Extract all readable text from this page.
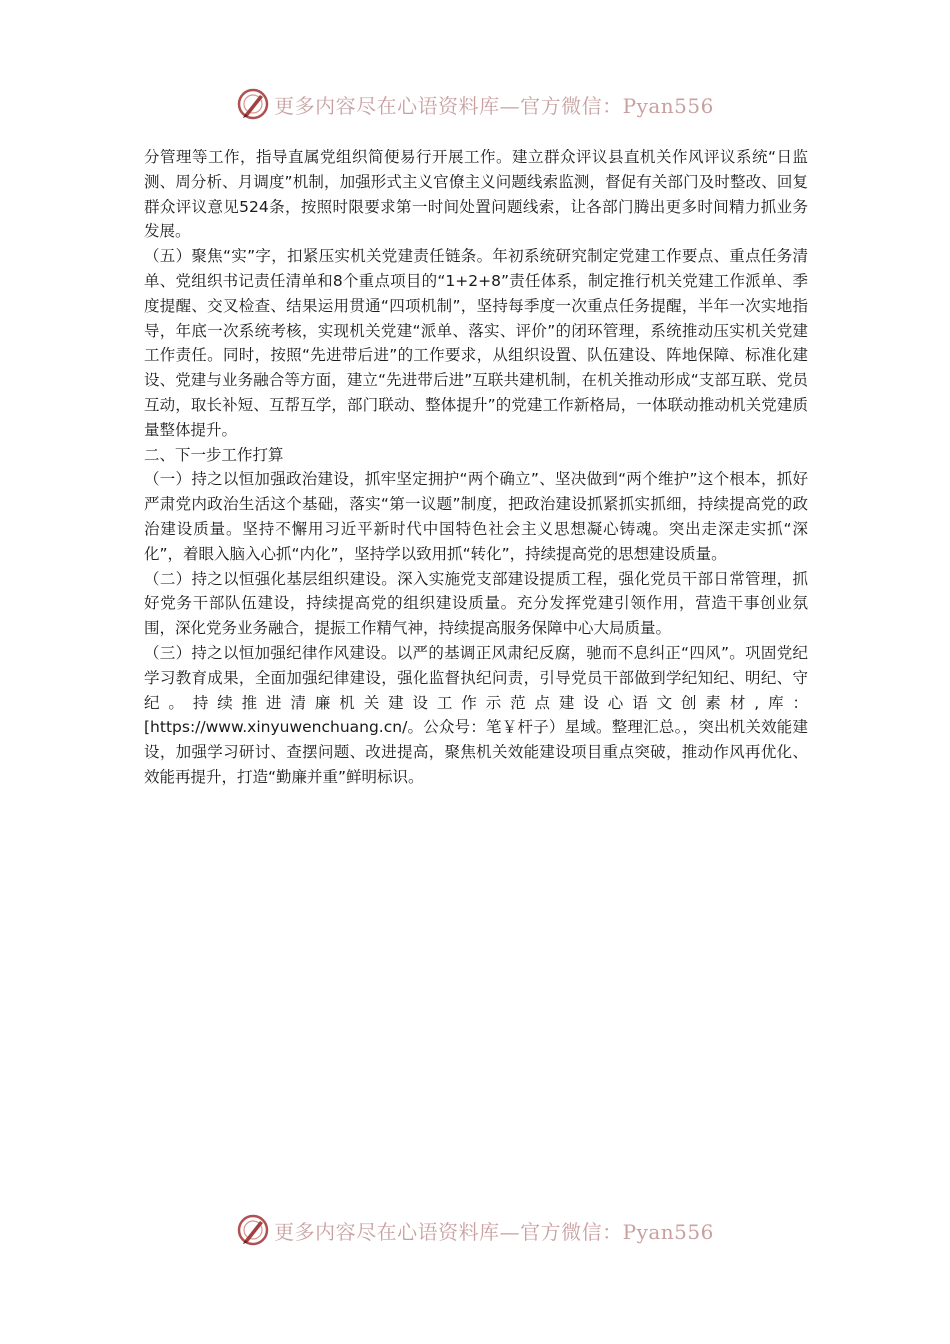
更多内容尽在心语资料库—官方微信：Pyan556

分管理等工作，指导直属党组织简便易行开展工作。建立群众评议县直机关作风评议系统“日监测、周分析、月调度”机制，加强形式主义官僚主义问题线索监测，督促有关部门及时整改、回复群众评议意见524条，按照时限要求第一时间处置问题线索，让各部门腾出更多时间精力抓业务发展。

（五）聚焦“实”字，扣紧压实机关党建责任链条。年初系统研究制定党建工作要点、重点任务清单、党组织书记责任清单和8个重点项目的“1+2+8”责任体系，制定推行机关党建工作派单、季度提醒、交叉检查、结果运用贯通“四项机制”，坚持每季度一次重点任务提醒，半年一次实地指导，年底一次系统考核，实现机关党建“派单、落实、评价”的闭环管理，系统推动压实机关党建工作责任。同时，按照“先进带后进”的工作要求，从组织设置、队伍建设、阵地保障、标准化建设、党建与业务融合等方面，建立“先进带后进”互联共建机制，在机关推动形成“支部互联、党员互动，取长补短、互帮互学，部门联动、整体提升”的党建工作新格局，一体联动推动机关党建质量整体提升。

二、下一步工作打算

（一）持之以恒加强政治建设，抓牢坚定拥护“两个确立”、坚决做到“两个维护”这个根本，抓好严肃党内政治生活这个基础，落实“第一议题”制度，把政治建设抓紧抓实抓细，持续提高党的政治建设质量。坚持不懈用习近平新时代中国特色社会主义思想凝心铸魂。突出走深走实抓“深化”，着眼入脑入心抓“内化”，坚持学以致用抓“转化”，持续提高党的思想建设质量。

（二）持之以恒强化基层组织建设。深入实施党支部建设提质工程，强化党员干部日常管理，抓好党务干部队伍建设，持续提高党的组织建设质量。充分发挥党建引领作用，营造干事创业氛围，深化党务业务融合，提振工作精气神，持续提高服务保障中心大局质量。

（三）持之以恒加强纪律作风建设。以严的基调正风肃纪反腐，驰而不息纠正“四风”。巩固党纪学习教育成果，全面加强纪律建设，强化监督执纪问责，引导党员干部做到学纪知纪、明纪、守纪。持续推进清廉机关建设工作示范点建设心语文创素材,库：[https://www.xinyuwenchuang.cn/。公众号：笔￥杆子）星域。整理汇总。，突出机关效能建设，加强学习研讨、查摆问题、改进提高，聚焦机关效能建设项目重点突破，推动作风再优化、效能再提升，打造“勤廉并重”鲜明标识。

更多内容尽在心语资料库—官方微信：Pyan556
